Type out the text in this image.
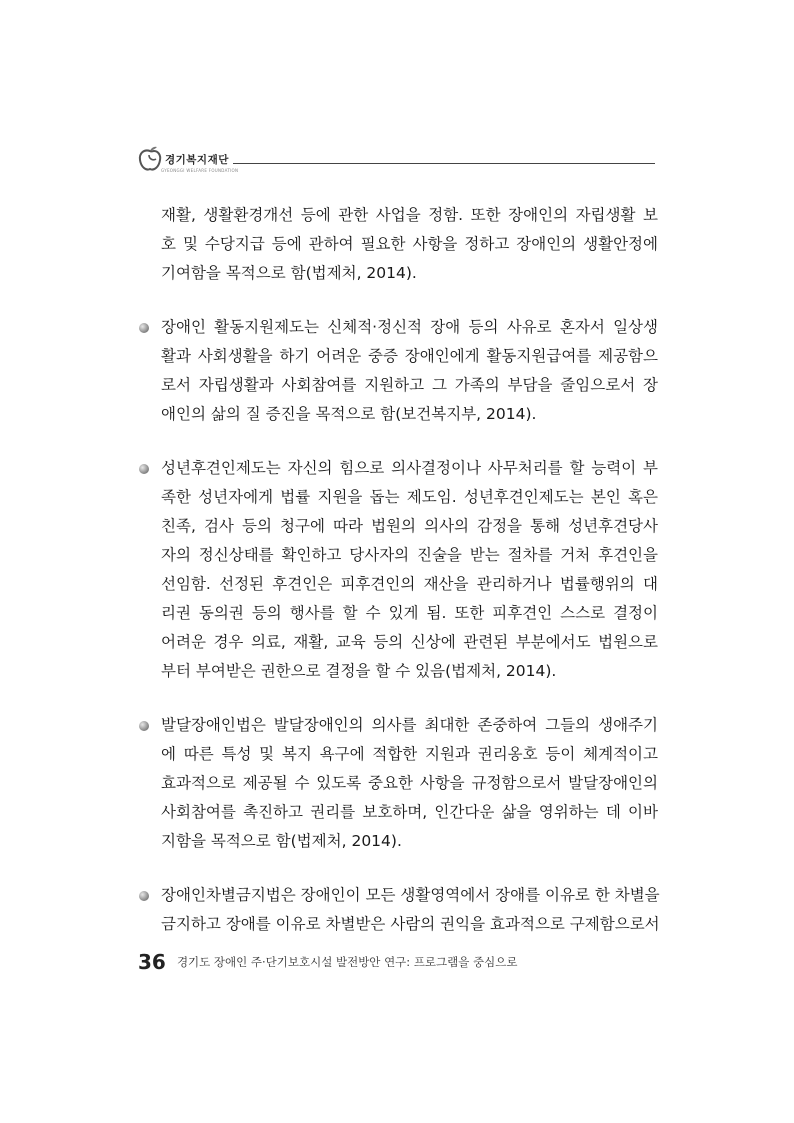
경기복지재단
GYEONGGI WELFARE FOUNDATION
재활, 생활환경개선 등에 관한 사업을 정함. 또한 장애인의 자립생활 보
호 및 수당지급 등에 관하여 필요한 사항을 정하고 장애인의 생활안정에
기여함을 목적으로 함(법제처, 2014).
장애인 활동지원제도는 신체적·정신적 장애 등의 사유로 혼자서 일상생
활과 사회생활을 하기 어려운 중증 장애인에게 활동지원급여를 제공함으
로서 자립생활과 사회참여를 지원하고 그 가족의 부담을 줄임으로서 장
애인의 삶의 질 증진을 목적으로 함(보건복지부, 2014).
성년후견인제도는 자신의 힘으로 의사결정이나 사무처리를 할 능력이 부
족한 성년자에게 법률 지원을 돕는 제도임. 성년후견인제도는 본인 혹은
친족, 검사 등의 청구에 따라 법원의 의사의 감정을 통해 성년후견당사
자의 정신상태를 확인하고 당사자의 진술을 받는 절차를 거처 후견인을
선임함. 선정된 후견인은 피후견인의 재산을 관리하거나 법률행위의 대
리권 동의권 등의 행사를 할 수 있게 됨. 또한 피후견인 스스로 결정이
어려운 경우 의료, 재활, 교육 등의 신상에 관련된 부분에서도 법원으로
부터 부여받은 권한으로 결정을 할 수 있음(법제처, 2014).
발달장애인법은 발달장애인의 의사를 최대한 존중하여 그들의 생애주기
에 따른 특성 및 복지 욕구에 적합한 지원과 권리옹호 등이 체계적이고
효과적으로 제공될 수 있도록 중요한 사항을 규정함으로서 발달장애인의
사회참여를 촉진하고 권리를 보호하며, 인간다운 삶을 영위하는 데 이바
지함을 목적으로 함(법제처, 2014).
장애인차별금지법은 장애인이 모든 생활영역에서 장애를 이유로 한 차별을
금지하고 장애를 이유로 차별받은 사람의 권익을 효과적으로 구제함으로서
36 경기도 장애인 주·단기보호시설 발전방안 연구: 프로그램을 중심으로
